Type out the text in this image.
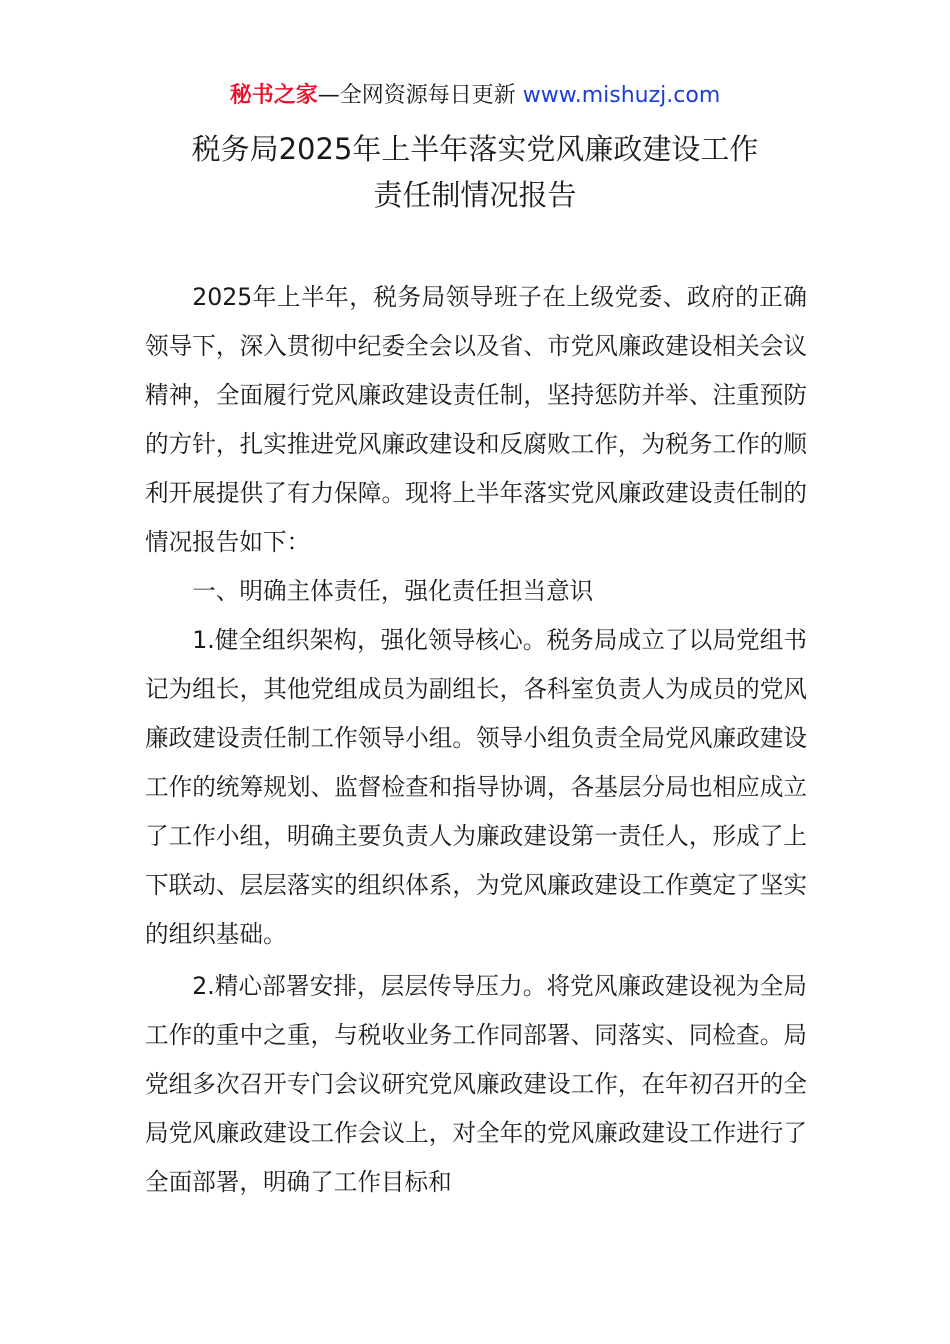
秘书之家—全网资源每日更新 www.mishuzj.com
税务局2025年上半年落实党风廉政建设工作
责任制情况报告

2025年上半年，税务局领导班子在上级党委、政府的正确领导下，深入贯彻中纪委全会以及省、市党风廉政建设相关会议精神，全面履行党风廉政建设责任制，坚持惩防并举、注重预防的方针，扎实推进党风廉政建设和反腐败工作，为税务工作的顺利开展提供了有力保障。现将上半年落实党风廉政建设责任制的情况报告如下：

一、明确主体责任，强化责任担当意识

1.健全组织架构，强化领导核心。税务局成立了以局党组书记为组长，其他党组成员为副组长，各科室负责人为成员的党风廉政建设责任制工作领导小组。领导小组负责全局党风廉政建设工作的统筹规划、监督检查和指导协调，各基层分局也相应成立了工作小组，明确主要负责人为廉政建设第一责任人，形成了上下联动、层层落实的组织体系，为党风廉政建设工作奠定了坚实的组织基础。

2.精心部署安排，层层传导压力。将党风廉政建设视为全局工作的重中之重，与税收业务工作同部署、同落实、同检查。局党组多次召开专门会议研究党风廉政建设工作，在年初召开的全局党风廉政建设工作会议上，对全年的党风廉政建设工作进行了全面部署，明确了工作目标和
